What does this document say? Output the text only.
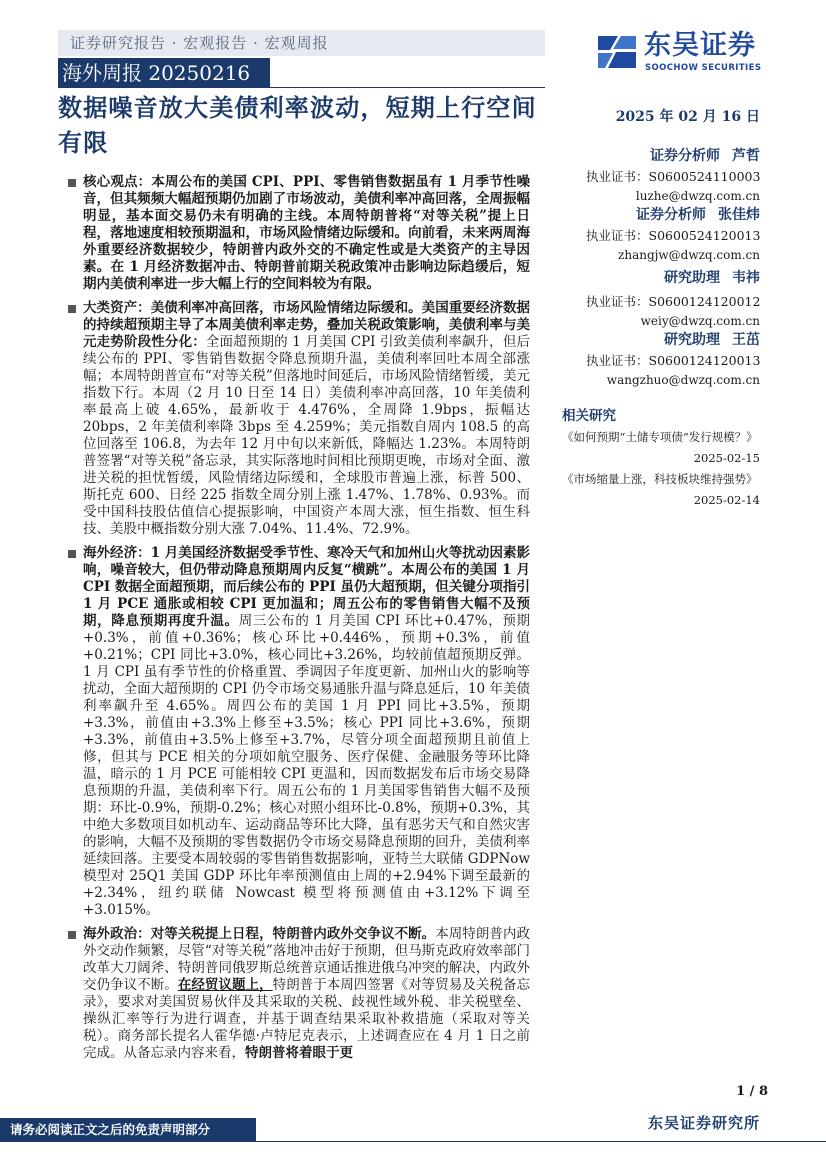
证券研究报告 · 宏观报告 · 宏观周报
海外周报 20250216
数据噪音放大美债利率波动，短期上行空间有限
东吴证券
SOOCHOW SECURITIES
2025 年 02 月 16 日
证券分析师 芦哲
执业证书：S0600524110003
luzhe@dwzq.com.cn
证券分析师 张佳炜
执业证书：S0600524120013
zhangjw@dwzq.com.cn
研究助理 韦祎
执业证书：S0600124120012
weiy@dwzq.com.cn
研究助理 王茁
执业证书：S0600124120013
wangzhuo@dwzq.com.cn
相关研究
《如何预期“土储专项债”发行规模？》
2025-02-15
《市场缩量上涨，科技板块维持强势》
2025-02-14

核心观点：本周公布的美国 CPI、PPI、零售销售数据虽有 1 月季节性噪音，但其频频大幅超预期仍加剧了市场波动，美债利率冲高回落，全周振幅明显，基本面交易仍未有明确的主线。本周特朗普将“对等关税”提上日程，落地速度相较预期温和，市场风险情绪边际缓和。向前看，未来两周海外重要经济数据较少，特朗普内政外交的不确定性或是大类资产的主导因素。在 1 月经济数据冲击、特朗普前期关税政策冲击影响边际趋缓后，短期内美债利率进一步大幅上行的空间料较为有限。

大类资产：美债利率冲高回落，市场风险情绪边际缓和。美国重要经济数据的持续超预期主导了本周美债利率走势，叠加关税政策影响，美债利率与美元走势阶段性分化：全面超预期的 1 月美国 CPI 引致美债利率飙升，但后续公布的 PPI、零售销售数据令降息预期升温，美债利率回吐本周全部涨幅；本周特朗普宣布“对等关税”但落地时间延后，市场风险情绪暂缓，美元指数下行。本周（2 月 10 日至 14 日）美债利率冲高回落，10 年美债利率最高上破 4.65%，最新收于 4.476%，全周降 1.9bps，振幅达 20bps，2 年美债利率降 3bps 至 4.259%；美元指数自周内 108.5 的高位回落至 106.8，为去年 12 月中旬以来新低，降幅达 1.23%。本周特朗普签署“对等关税”备忘录，其实际落地时间相比预期更晚，市场对全面、激进关税的担忧暂缓，风险情绪边际缓和，全球股市普遍上涨，标普 500、斯托克 600、日经 225 指数全周分别上涨 1.47%、1.78%、0.93%。而受中国科技股估值信心提振影响，中国资产本周大涨，恒生指数、恒生科技、美股中概指数分别大涨 7.04%、11.4%、72.9%。

海外经济：1 月美国经济数据受季节性、寒冷天气和加州山火等扰动因素影响，噪音较大，但仍带动降息预期周内反复“横跳”。本周公布的美国 1 月 CPI 数据全面超预期，而后续公布的 PPI 虽仍大超预期，但关键分项指引 1 月 PCE 通胀或相较 CPI 更加温和；周五公布的零售销售大幅不及预期，降息预期再度升温。周三公布的 1 月美国 CPI 环比+0.47%，预期+0.3%，前值+0.36%；核心环比+0.446%，预期+0.3%，前值+0.21%；CPI 同比+3.0%，核心同比+3.26%，均较前值超预期反弹。1 月 CPI 虽有季节性的价格重置、季调因子年度更新、加州山火的影响等扰动，全面大超预期的 CPI 仍令市场交易通胀升温与降息延后，10 年美债利率飙升至 4.65%。周四公布的美国 1 月 PPI 同比+3.5%，预期+3.3%，前值由+3.3%上修至+3.5%；核心 PPI 同比+3.6%，预期+3.3%，前值由+3.5%上修至+3.7%，尽管分项全面超预期且前值上修，但其与 PCE 相关的分项如航空服务、医疗保健、金融服务等环比降温，暗示的 1 月 PCE 可能相较 CPI 更温和，因而数据发布后市场交易降息预期的升温，美债利率下行。周五公布的 1 月美国零售销售大幅不及预期：环比-0.9%，预期-0.2%；核心对照小组环比-0.8%，预期+0.3%，其中绝大多数项目如机动车、运动商品等环比大降，虽有恶劣天气和自然灾害的影响，大幅不及预期的零售数据仍令市场交易降息预期的回升，美债利率延续回落。主要受本周较弱的零售销售数据影响，亚特兰大联储 GDPNow 模型对 25Q1 美国 GDP 环比年率预测值由上周的+2.94%下调至最新的+2.34%，纽约联储 Nowcast 模型将预测值由+3.12%下调至+3.015%。

海外政治：对等关税提上日程，特朗普内政外交争议不断。本周特朗普内政外交动作频繁，尽管“对等关税”落地冲击好于预期，但马斯克政府效率部门改革大刀阔斧、特朗普同俄罗斯总统普京通话推进俄乌冲突的解决，内政外交仍争议不断。在经贸议题上，特朗普于本周四签署《对等贸易及关税备忘录》，要求对美国贸易伙伴及其采取的关税、歧视性域外税、非关税壁垒、操纵汇率等行为进行调查，并基于调查结果采取补救措施（采取对等关税）。商务部长提名人霍华德·卢特尼克表示，上述调查应在 4 月 1 日之前完成。从备忘录内容来看，特朗普将着眼于更

1 / 8
请务必阅读正文之后的免责声明部分	东吴证券研究所
